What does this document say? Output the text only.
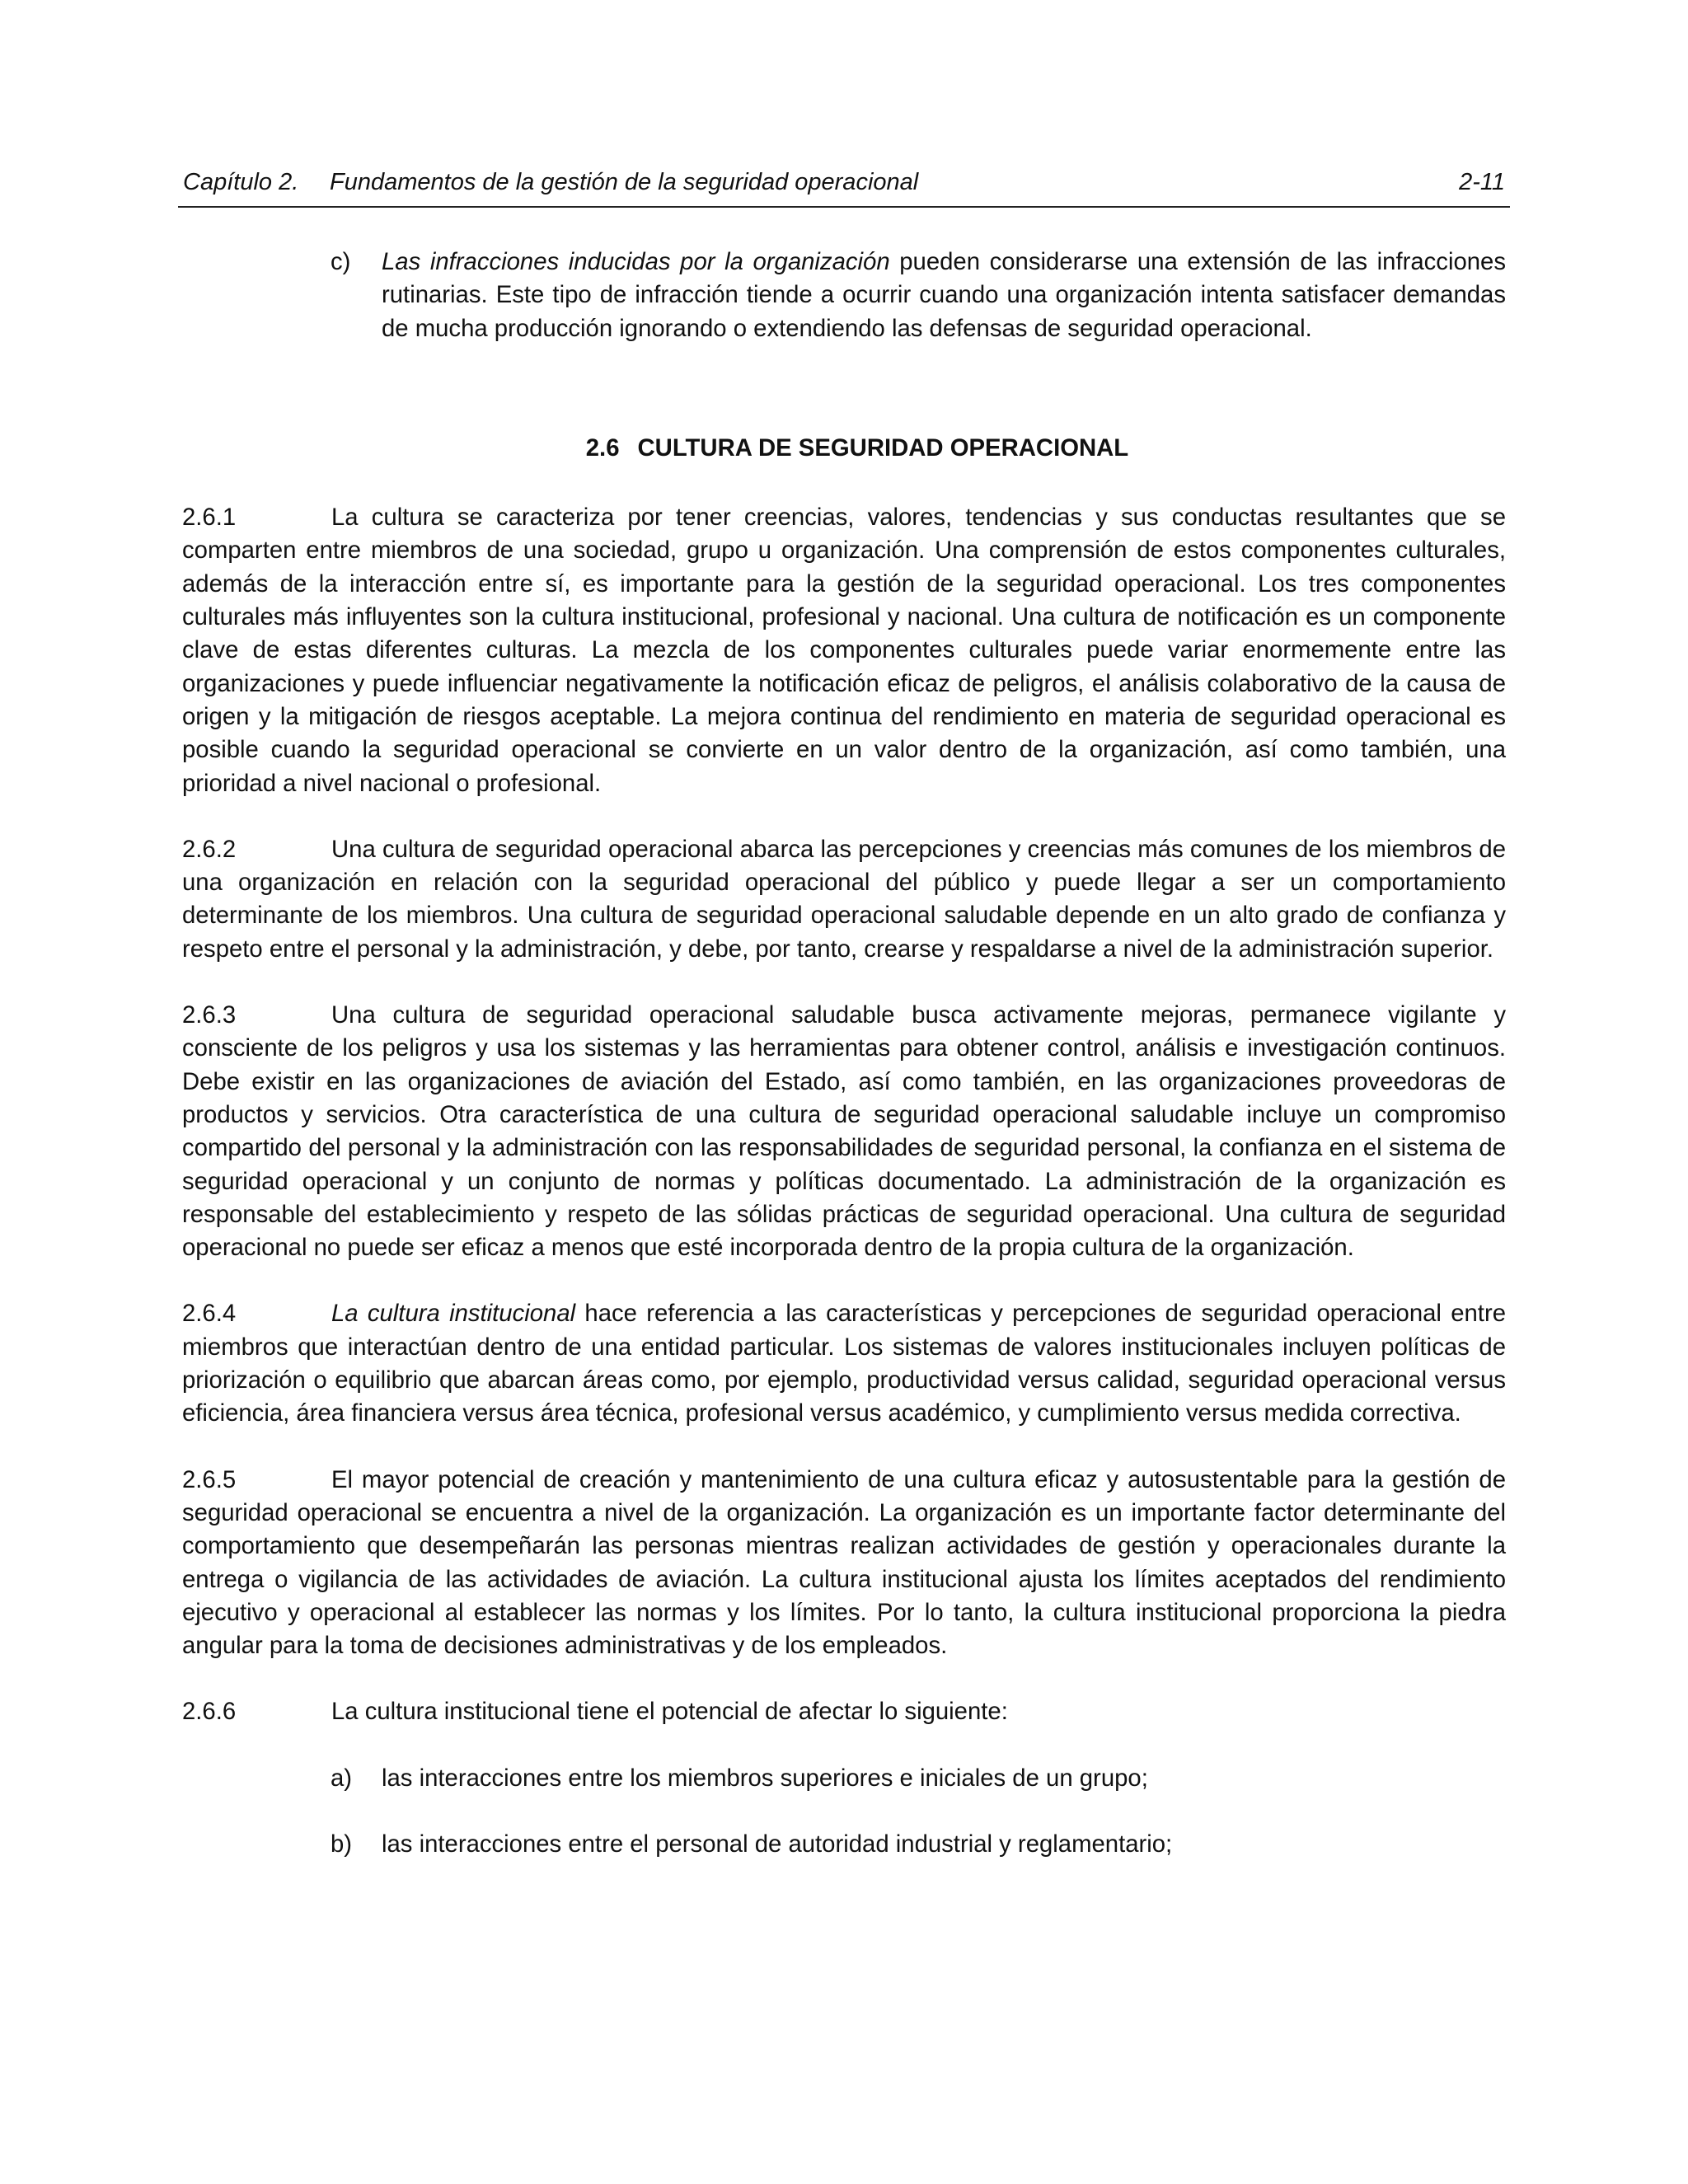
Capítulo 2. Fundamentos de la gestión de la seguridad operacional	2-11
c) Las infracciones inducidas por la organización pueden considerarse una extensión de las infracciones rutinarias. Este tipo de infracción tiende a ocurrir cuando una organización intenta satisfacer demandas de mucha producción ignorando o extendiendo las defensas de seguridad operacional.
2.6 CULTURA DE SEGURIDAD OPERACIONAL

2.6.1	La cultura se caracteriza por tener creencias, valores, tendencias y sus conductas resultantes que se comparten entre miembros de una sociedad, grupo u organización. Una comprensión de estos componentes culturales, además de la interacción entre sí, es importante para la gestión de la seguridad operacional. Los tres componentes culturales más influyentes son la cultura institucional, profesional y nacional. Una cultura de notificación es un componente clave de estas diferentes culturas. La mezcla de los componentes culturales puede variar enormemente entre las organizaciones y puede influenciar negativamente la notificación eficaz de peligros, el análisis colaborativo de la causa de origen y la mitigación de riesgos aceptable. La mejora continua del rendimiento en materia de seguridad operacional es posible cuando la seguridad operacional se convierte en un valor dentro de la organización, así como también, una prioridad a nivel nacional o profesional.

2.6.2	Una cultura de seguridad operacional abarca las percepciones y creencias más comunes de los miembros de una organización en relación con la seguridad operacional del público y puede llegar a ser un comportamiento determinante de los miembros. Una cultura de seguridad operacional saludable depende en un alto grado de confianza y respeto entre el personal y la administración, y debe, por tanto, crearse y respaldarse a nivel de la administración superior.

2.6.3	Una cultura de seguridad operacional saludable busca activamente mejoras, permanece vigilante y consciente de los peligros y usa los sistemas y las herramientas para obtener control, análisis e investigación continuos. Debe existir en las organizaciones de aviación del Estado, así como también, en las organizaciones proveedoras de productos y servicios. Otra característica de una cultura de seguridad operacional saludable incluye un compromiso compartido del personal y la administración con las responsabilidades de seguridad personal, la confianza en el sistema de seguridad operacional y un conjunto de normas y políticas documentado. La administración de la organización es responsable del establecimiento y respeto de las sólidas prácticas de seguridad operacional. Una cultura de seguridad operacional no puede ser eficaz a menos que esté incorporada dentro de la propia cultura de la organización.

2.6.4	La cultura institucional hace referencia a las características y percepciones de seguridad operacional entre miembros que interactúan dentro de una entidad particular. Los sistemas de valores institucionales incluyen políticas de priorización o equilibrio que abarcan áreas como, por ejemplo, productividad versus calidad, seguridad operacional versus eficiencia, área financiera versus área técnica, profesional versus académico, y cumplimiento versus medida correctiva.

2.6.5	El mayor potencial de creación y mantenimiento de una cultura eficaz y autosustentable para la gestión de seguridad operacional se encuentra a nivel de la organización. La organización es un importante factor determinante del comportamiento que desempeñarán las personas mientras realizan actividades de gestión y operacionales durante la entrega o vigilancia de las actividades de aviación. La cultura institucional ajusta los límites aceptados del rendimiento ejecutivo y operacional al establecer las normas y los límites. Por lo tanto, la cultura institucional proporciona la piedra angular para la toma de decisiones administrativas y de los empleados.

2.6.6	La cultura institucional tiene el potencial de afectar lo siguiente:

a) las interacciones entre los miembros superiores e iniciales de un grupo;
b) las interacciones entre el personal de autoridad industrial y reglamentario;
